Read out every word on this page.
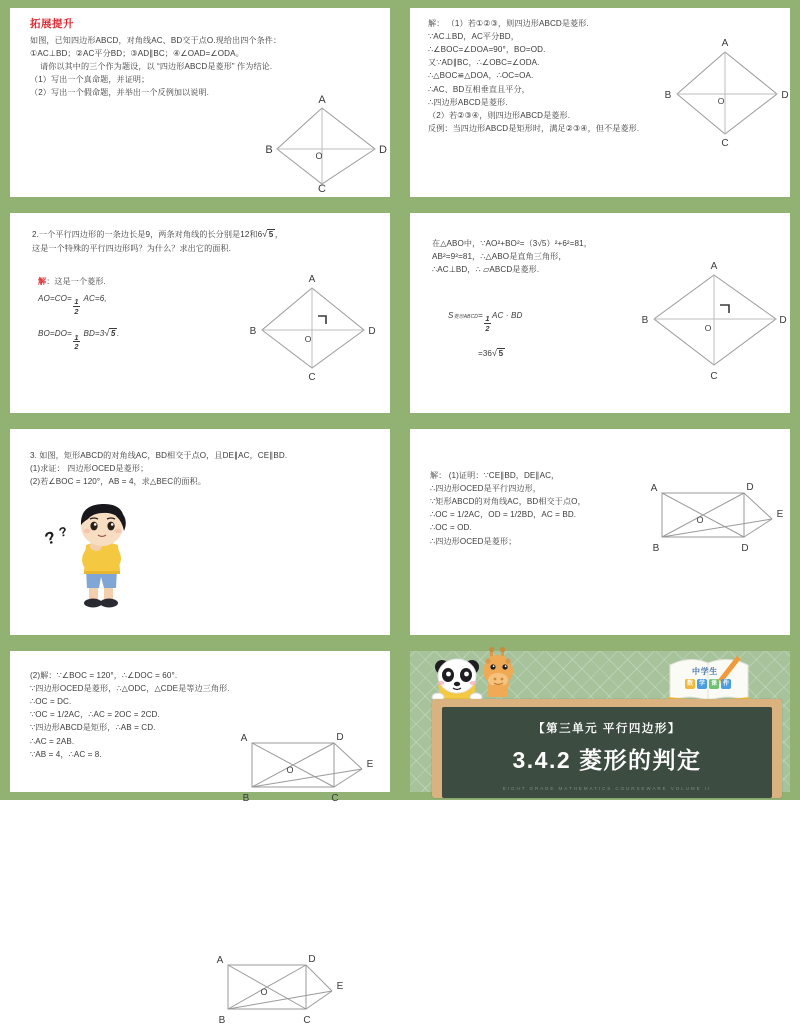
拓展提升
如图，已知四边形ABCD，对角线AC、BD交于点O.现给出四个条件：
①AC⊥BD；②AC平分BD；③AD∥BC；④∠OAD=∠ODA。
请你以其中的三个作为题设，以 “四边形ABCD是菱形” 作为结论.
（1）写出一个真命题，并证明；
（2）写出一个假命题，并举出一个反例加以说明.
A
B
C
D
O
解： （1）若①②③，则四边形ABCD是菱形.
∵AC⊥BD，AC平分BD，
∴∠BOC=∠DOA=90°，BO=OD.
又∵AD∥BC，∴∠OBC=∠ODA.
∴△BOC≌△DOA，∴OC=OA.
∴AC、BD互相垂直且平分，
∴四边形ABCD是菱形.
（2）若②③④，则四边形ABCD是菱形.
反例：当四边形ABCD是矩形时，满足②③④，但不是菱形.
A
B
C
D
O
2.一个平行四边形的一条边长是9，两条对角线的长分别是12和6√ 5 ，
这是一个特殊的平行四边形吗？为什么？求出它的面积.
解：这是一个菱形.
$AO=CO= \frac{1}{2} AC=6$,
$BO=DO= \frac{1}{2} BD=3√$ 5 .
A
B
C
D
O
在△ABO中，∵AO²+BO²=（3√5）²+6²=81，
AB²=9²=81，∴△ABO是直角三角形，
∴AC⊥BD，∴ ▱ABCD是菱形.
S菱形ABCD= $\frac{1}{2}$ AC · BD
=36√ 5
A
B
C
D
O
3. 如图，矩形ABCD的对角线AC，BD相交于点O，且DE∥AC，CE∥BD.
(1)求证： 四边形OCED是菱形；
(2)若∠BOC = 120°，AB = 4，求△BEC的面积。
? ?
A
B	C
D
E
O
解： (1)证明：∵CE∥BD，DE∥AC，
∴四边形OCED是平行四边形，
∵矩形ABCD的对角线AC，BD相交于点O，
∴OC = 1/2AC，OD = 1/2BD，AC = BD.
∴OC = OD.
∴四边形OCED是菱形；
A
B	D
D
E
O
(2)解：∵∠BOC = 120°，∴∠DOC = 60°.
∵四边形OCED是菱形，∴△ODC，△CDE是等边三角形.
∴OC = DC.
∵OC = 1/2AC，∴AC = 2OC = 2CD.
∵四边形ABCD是矩形，∴AB = CD.
∴AC = 2AB.
∵AB = 4，∴AC = 8.
A
B	C
D
E
O
中学生
数 学 课 件
【第三单元 平行四边形】
3.4.2 菱形的判定
EIGHT GRADE MATHEMATICS COURSEWARE VOLUME II
